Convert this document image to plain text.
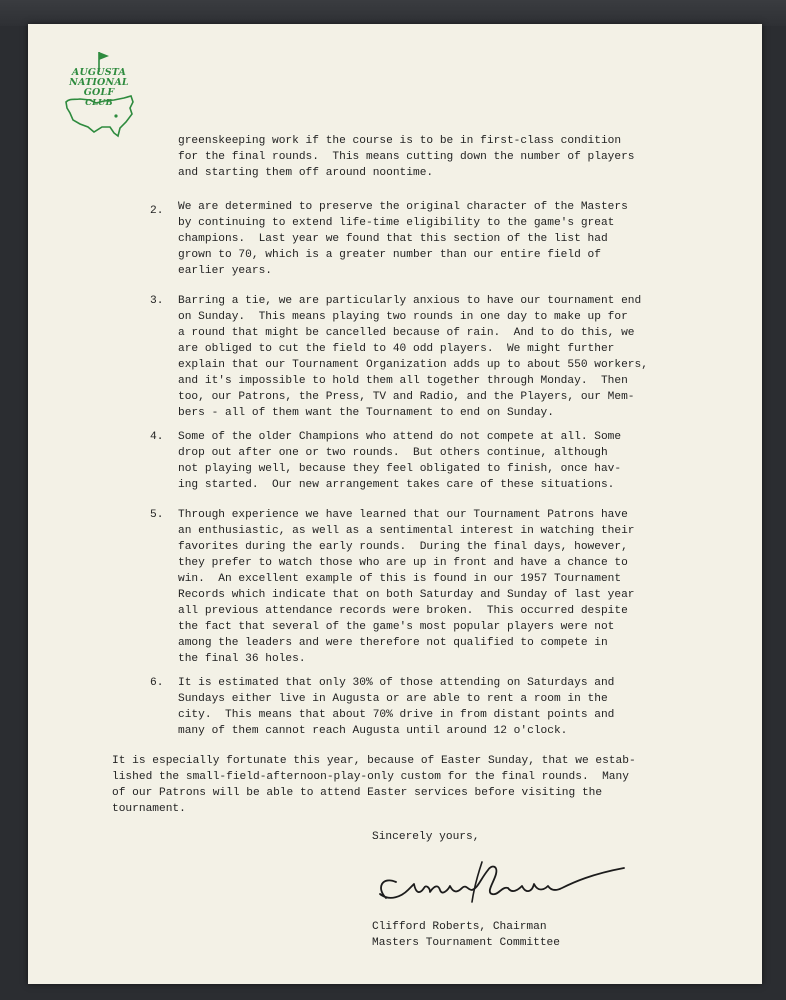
AUGUSTA
NATIONAL
GOLF
CLUB

greenskeeping work if the course is to be in first-class condition

for the final rounds.  This means cutting down the number of players

and starting them off around noontime.

2. We are determined to preserve the original character of the Masters

by continuing to extend life-time eligibility to the game's great

champions.  Last year we found that this section of the list had

grown to 70, which is a greater number than our entire field of

earlier years.

3. Barring a tie, we are particularly anxious to have our tournament end

on Sunday.  This means playing two rounds in one day to make up for

a round that might be cancelled because of rain.  And to do this, we

are obliged to cut the field to 40 odd players.  We might further

explain that our Tournament Organization adds up to about 550 workers,

and it's impossible to hold them all together through Monday.  Then

too, our Patrons, the Press, TV and Radio, and the Players, our Mem-

bers - all of them want the Tournament to end on Sunday.

4. Some of the older Champions who attend do not compete at all. Some

drop out after one or two rounds.  But others continue, although

not playing well, because they feel obligated to finish, once hav-

ing started.  Our new arrangement takes care of these situations.

5. Through experience we have learned that our Tournament Patrons have

an enthusiastic, as well as a sentimental interest in watching their

favorites during the early rounds.  During the final days, however,

they prefer to watch those who are up in front and have a chance to

win.  An excellent example of this is found in our 1957 Tournament

Records which indicate that on both Saturday and Sunday of last year

all previous attendance records were broken.  This occurred despite

the fact that several of the game's most popular players were not

among the leaders and were therefore not qualified to compete in

the final 36 holes.

6. It is estimated that only 30% of those attending on Saturdays and

Sundays either live in Augusta or are able to rent a room in the

city.  This means that about 70% drive in from distant points and

many of them cannot reach Augusta until around 12 o'clock.

It is especially fortunate this year, because of Easter Sunday, that we estab-

lished the small-field-afternoon-play-only custom for the final rounds.  Many

of our Patrons will be able to attend Easter services before visiting the

tournament.

Sincerely yours,

Clifford Roberts, Chairman

Masters Tournament Committee
